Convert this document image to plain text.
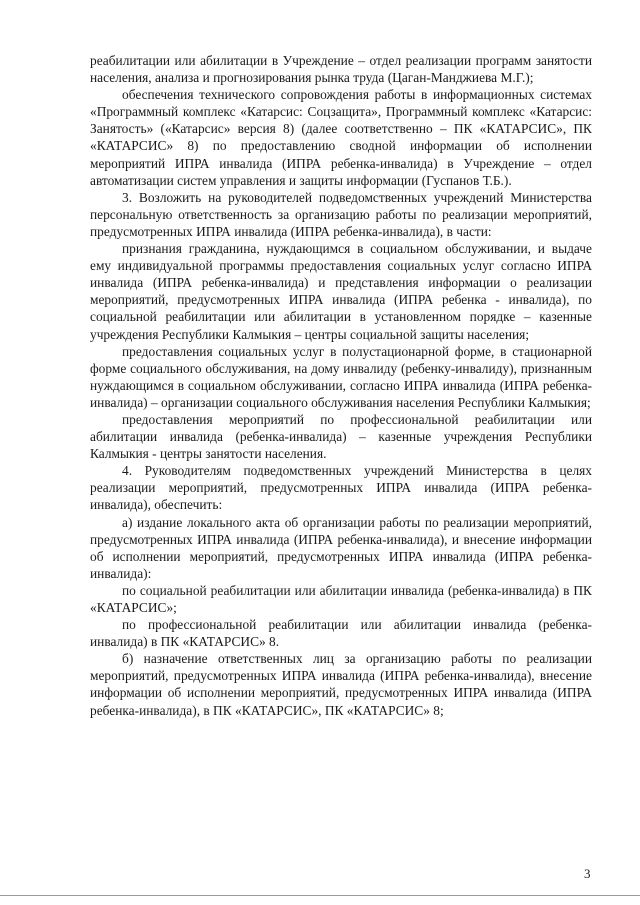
реабилитации или абилитации в Учреждение – отдел реализации программ занятости населения, анализа и прогнозирования рынка труда (Цаган-Манджиева М.Г.);

обеспечения технического сопровождения работы в информационных системах «Программный комплекс «Катарсис: Соцзащита», Программный комплекс «Катарсис: Занятость» («Катарсис» версия 8) (далее соответственно – ПК «КАТАРСИС», ПК «КАТАРСИС» 8) по предоставлению сводной информации об исполнении мероприятий ИПРА инвалида (ИПРА ребенка-инвалида) в Учреждение – отдел автоматизации систем управления и защиты информации (Гуспанов Т.Б.).

3. Возложить на руководителей подведомственных учреждений Министерства персональную ответственность за организацию работы по реализации мероприятий, предусмотренных ИПРА инвалида (ИПРА ребенка-инвалида), в части:

признания гражданина, нуждающимся в социальном обслуживании, и выдаче ему индивидуальной программы предоставления социальных услуг согласно ИПРА инвалида (ИПРА ребенка-инвалида) и представления информации о реализации мероприятий, предусмотренных ИПРА инвалида (ИПРА ребенка - инвалида), по социальной реабилитации или абилитации в установленном порядке – казенные учреждения Республики Калмыкия – центры социальной защиты населения;

предоставления социальных услуг в полустационарной форме, в стационарной форме социального обслуживания, на дому инвалиду (ребенку-инвалиду), признанным нуждающимся в социальном обслуживании, согласно ИПРА инвалида (ИПРА ребенка-инвалида) – организации социального обслуживания населения Республики Калмыкия;

предоставления мероприятий по профессиональной реабилитации или абилитации инвалида (ребенка-инвалида) – казенные учреждения Республики Калмыкия - центры занятости населения.

4. Руководителям подведомственных учреждений Министерства в целях реализации мероприятий, предусмотренных ИПРА инвалида (ИПРА ребенка-инвалида), обеспечить:

а) издание локального акта об организации работы по реализации мероприятий, предусмотренных ИПРА инвалида (ИПРА ребенка-инвалида), и внесение информации об исполнении мероприятий, предусмотренных ИПРА инвалида (ИПРА ребенка-инвалида):

по социальной реабилитации или абилитации инвалида (ребенка-инвалида) в ПК «КАТАРСИС»;

по профессиональной реабилитации или абилитации инвалида (ребенка-инвалида) в ПК «КАТАРСИС» 8.

б) назначение ответственных лиц за организацию работы по реализации мероприятий, предусмотренных ИПРА инвалида (ИПРА ребенка-инвалида), внесение информации об исполнении мероприятий, предусмотренных ИПРА инвалида (ИПРА ребенка-инвалида), в ПК «КАТАРСИС», ПК «КАТАРСИС» 8;

3
